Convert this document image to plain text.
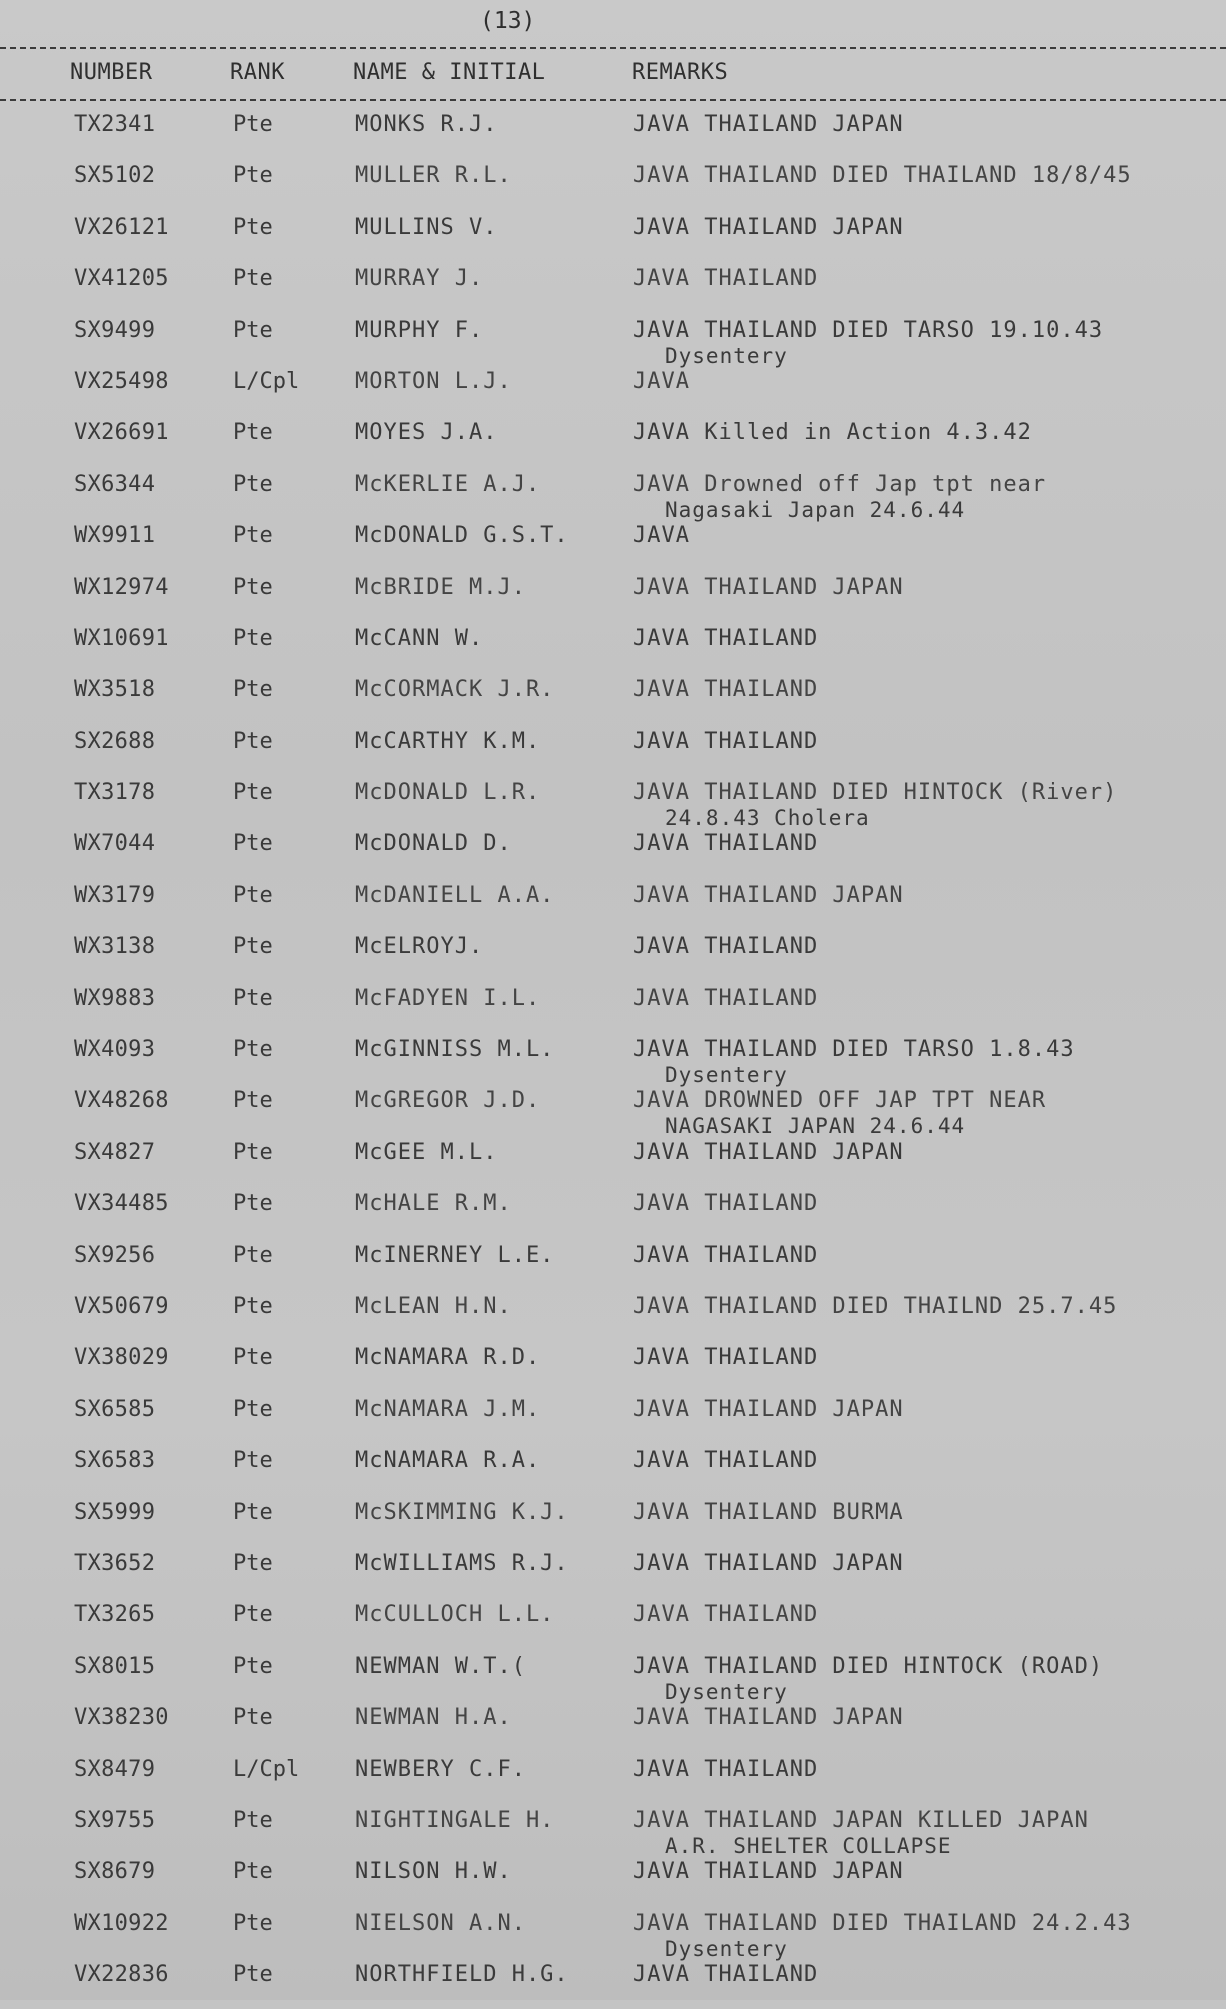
(13)
NUMBER	RANK	NAME & INITIAL	REMARKS
TX2341	Pte	MONKS R.J.	JAVA THAILAND JAPAN
SX5102	Pte	MULLER R.L.	JAVA THAILAND DIED THAILAND 18/8/45
VX26121	Pte	MULLINS V.	JAVA THAILAND JAPAN
VX41205	Pte	MURRAY J.	JAVA THAILAND
SX9499	Pte	MURPHY F.	JAVA THAILAND DIED TARSO 19.10.43
Dysentery
VX25498	L/Cpl	MORTON L.J.	JAVA
VX26691	Pte	MOYES J.A.	JAVA Killed in Action 4.3.42
SX6344	Pte	McKERLIE A.J.	JAVA Drowned off Jap tpt near
Nagasaki Japan 24.6.44
WX9911	Pte	McDONALD G.S.T.	JAVA
WX12974	Pte	McBRIDE M.J.	JAVA THAILAND JAPAN
WX10691	Pte	McCANN W.	JAVA THAILAND
WX3518	Pte	McCORMACK J.R.	JAVA THAILAND
SX2688	Pte	McCARTHY K.M.	JAVA THAILAND
TX3178	Pte	McDONALD L.R.	JAVA THAILAND DIED HINTOCK (River)
24.8.43 Cholera
WX7044	Pte	McDONALD D.	JAVA THAILAND
WX3179	Pte	McDANIELL A.A.	JAVA THAILAND JAPAN
WX3138	Pte	McELROYJ.	JAVA THAILAND
WX9883	Pte	McFADYEN I.L.	JAVA THAILAND
WX4093	Pte	McGINNISS M.L.	JAVA THAILAND DIED TARSO 1.8.43
Dysentery
VX48268	Pte	McGREGOR J.D.	JAVA DROWNED OFF JAP TPT NEAR
NAGASAKI JAPAN 24.6.44
SX4827	Pte	McGEE M.L.	JAVA THAILAND JAPAN
VX34485	Pte	McHALE R.M.	JAVA THAILAND
SX9256	Pte	McINERNEY L.E.	JAVA THAILAND
VX50679	Pte	McLEAN H.N.	JAVA THAILAND DIED THAILND 25.7.45
VX38029	Pte	McNAMARA R.D.	JAVA THAILAND
SX6585	Pte	McNAMARA J.M.	JAVA THAILAND JAPAN
SX6583	Pte	McNAMARA R.A.	JAVA THAILAND
SX5999	Pte	McSKIMMING K.J.	JAVA THAILAND BURMA
TX3652	Pte	McWILLIAMS R.J.	JAVA THAILAND JAPAN
TX3265	Pte	McCULLOCH L.L.	JAVA THAILAND
SX8015	Pte	NEWMAN W.T.(	JAVA THAILAND DIED HINTOCK (ROAD)
Dysentery
VX38230	Pte	NEWMAN H.A.	JAVA THAILAND JAPAN
SX8479	L/Cpl	NEWBERY C.F.	JAVA THAILAND
SX9755	Pte	NIGHTINGALE H.	JAVA THAILAND JAPAN KILLED JAPAN
A.R. SHELTER COLLAPSE
SX8679	Pte	NILSON H.W.	JAVA THAILAND JAPAN
WX10922	Pte	NIELSON A.N.	JAVA THAILAND DIED THAILAND 24.2.43
Dysentery
VX22836	Pte	NORTHFIELD H.G.	JAVA THAILAND
